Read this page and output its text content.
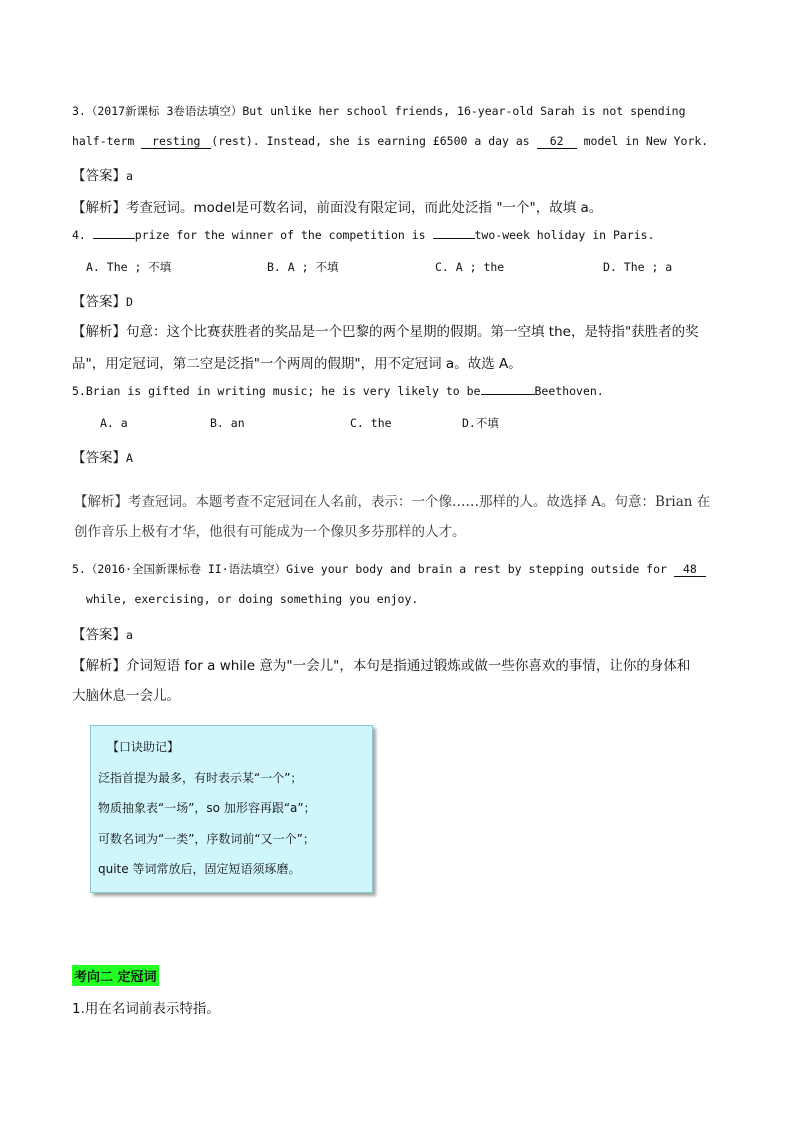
3.（2017新课标 3卷语法填空）But unlike her school friends, 16-year-old Sarah is not spending
half-term resting (rest). Instead, she is earning £6500 a day as 62 model in New York.
【答案】a
【解析】考查冠词。model是可数名词，前面没有限定词，而此处泛指 "一个"，故填 a。
4.	prize for the winner of the competition is	two-week holiday in Paris.
A. The ; 不填	B. A ; 不填	C. A ; the	D. The ; a
【答案】D
【解析】句意：这个比赛获胜者的奖品是一个巴黎的两个星期的假期。第一空填 the，是特指"获胜者的奖
品"，用定冠词，第二空是泛指"一个两周的假期"，用不定冠词 a。故选 A。
5.Brian is gifted in writing music; he is very likely to be	Beethoven.
A. a	B. an	C. the	D.不填
【答案】A
【解析】考查冠词。本题考查不定冠词在人名前，表示：一个像……那样的人。故选择 A。句意：Brian 在
创作音乐上极有才华，他很有可能成为一个像贝多芬那样的人才。
5.（2016·全国新课标卷 II·语法填空）Give your body and brain a rest by stepping outside for 48
while, exercising, or doing something you enjoy.
【答案】a
【解析】介词短语 for a while 意为"一会儿"，本句是指通过锻炼或做一些你喜欢的事情，让你的身体和
大脑休息一会儿。
【口诀助记】
泛指首提为最多，有时表示某“一个”；
物质抽象表“一场”，so 加形容再跟“a”；
可数名词为“一类”，序数词前“又一个”；
quite 等词常放后，固定短语须琢磨。
考向二 定冠词
1.用在名词前表示特指。
